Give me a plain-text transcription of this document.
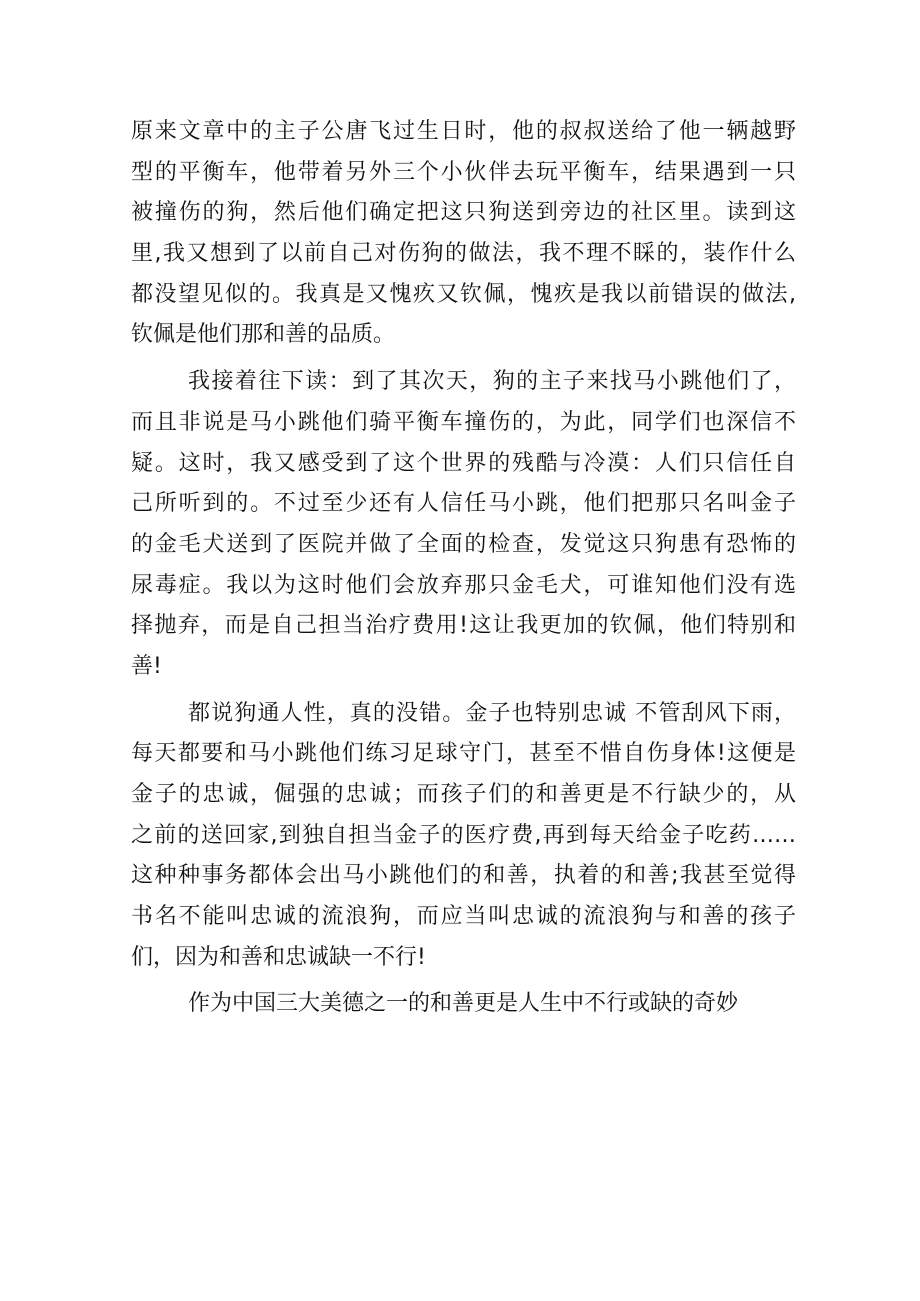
原来文章中的主子公唐飞过生日时，他的叔叔送给了他一辆越野
型的平衡车，他带着另外三个小伙伴去玩平衡车，结果遇到一只
被撞伤的狗，然后他们确定把这只狗送到旁边的社区里。读到这
里,我又想到了以前自己对伤狗的做法，我不理不睬的，装作什么
都没望见似的。我真是又愧疚又钦佩，愧疚是我以前错误的做法,
钦佩是他们那和善的品质。

我接着往下读：到了其次天，狗的主子来找马小跳他们了，
而且非说是马小跳他们骑平衡车撞伤的，为此，同学们也深信不
疑。这时，我又感受到了这个世界的残酷与冷漠：人们只信任自
己所听到的。不过至少还有人信任马小跳，他们把那只名叫金子
的金毛犬送到了医院并做了全面的检查，发觉这只狗患有恐怖的
尿毒症。我以为这时他们会放弃那只金毛犬，可谁知他们没有选
择抛弃，而是自己担当治疗费用!这让我更加的钦佩，他们特别和
善!

都说狗通人性，真的没错。金子也特别忠诚 不管刮风下雨，
每天都要和马小跳他们练习足球守门，甚至不惜自伤身体!这便是
金子的忠诚，倔强的忠诚；而孩子们的和善更是不行缺少的，从
之前的送回家,到独自担当金子的医疗费,再到每天给金子吃药……
这种种事务都体会出马小跳他们的和善，执着的和善;我甚至觉得
书名不能叫忠诚的流浪狗，而应当叫忠诚的流浪狗与和善的孩子
们，因为和善和忠诚缺一不行!

作为中国三大美德之一的和善更是人生中不行或缺的奇妙
